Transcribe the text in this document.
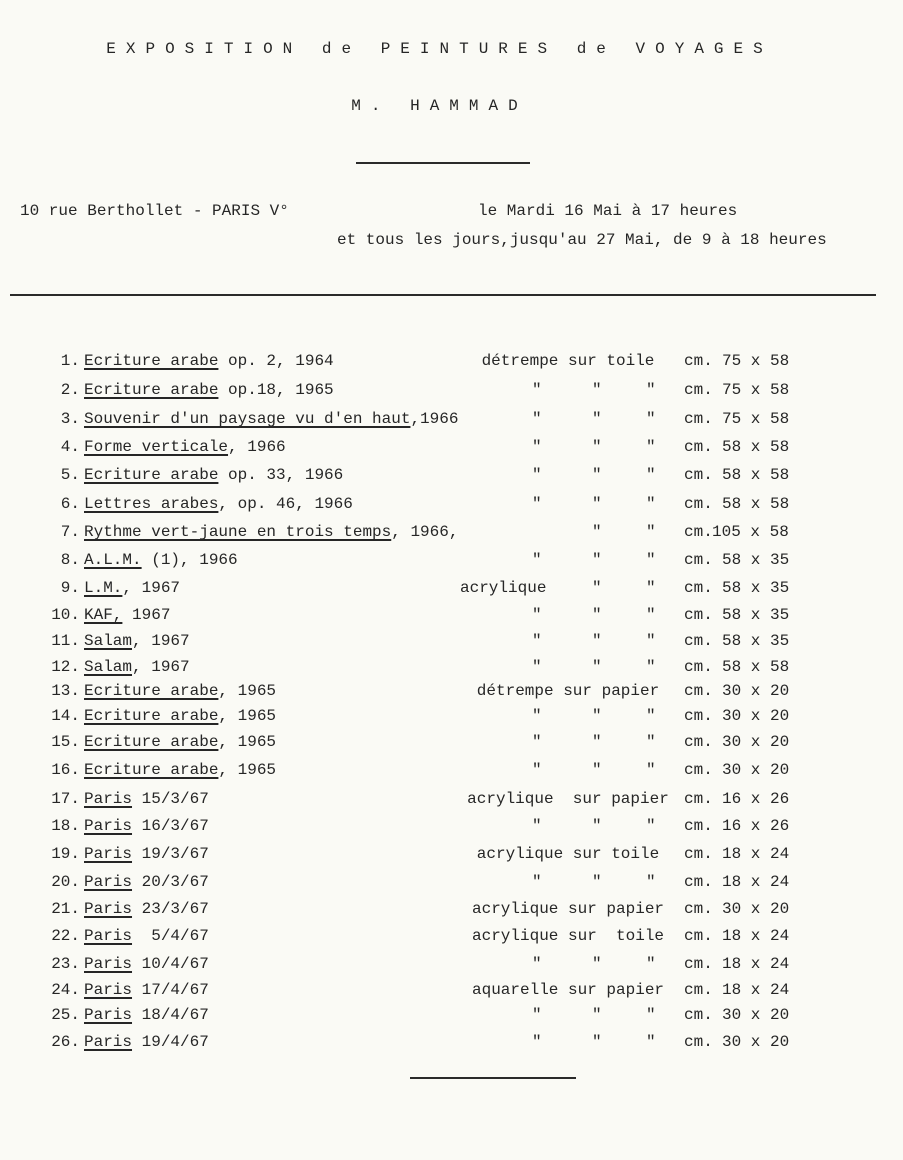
EXPOSITION de PEINTURES de VOYAGES
M. HAMMAD
10 rue Berthollet - PARIS V°	le Mardi 16 Mai à 17 heures
et tous les jours,jusqu'au 27 Mai, de 9 à 18 heures
1. Ecriture arabe op. 2, 1964	détrempe sur toile	cm. 75 x 58
2. Ecriture arabe op.18, 1965	"	"	" cm. 75 x 58
3. Souvenir d'un paysage vu d'en haut,1966	"	"	" cm. 75 x 58
4. Forme verticale, 1966	"	"	" cm. 58 x 58
5. Ecriture arabe op. 33, 1966	"	"	" cm. 58 x 58
6. Lettres arabes, op. 46, 1966	"	"	" cm. 58 x 58
7. Rythme vert-jaune en trois temps, 1966,	"	" cm. 105 x 58
8. A.L.M. (1), 1966	"	"	" cm. 58 x 35
9. L.M., 1967	acrylique	"	" cm. 58 x 35
10. KAF, 1967	"	"	" cm. 58 x 35
11. Salam, 1967	"	"	" cm. 58 x 35
12. Salam, 1967	"	"	" cm. 58 x 58
13. Ecriture arabe, 1965	détrempe sur papier	cm. 30 x 20
14. Ecriture arabe, 1965	"	"	" cm. 30 x 20
15. Ecriture arabe, 1965	"	"	" cm. 30 x 20
16. Ecriture arabe, 1965	"	"	" cm. 30 x 20
17. Paris 15/3/67	acrylique  sur papier cm. 16 x 26
18. Paris 16/3/67	"	"	" cm. 16 x 26
19. Paris 19/3/67	acrylique sur toile	cm. 18 x 24
20. Paris 20/3/67	"	"	" cm. 18 x 24
21. Paris 23/3/67	acrylique sur papier	cm. 30 x 20
22. Paris  5/4/67	acrylique sur  toile	cm. 18 x 24
23. Paris 10/4/67	"	"	" cm. 18 x 24
24. Paris 17/4/67	aquarelle sur papier	cm. 18 x 24
25. Paris 18/4/67	"	"	" cm. 30 x 20
26. Paris 19/4/67	"	"	" cm. 30 x 20
